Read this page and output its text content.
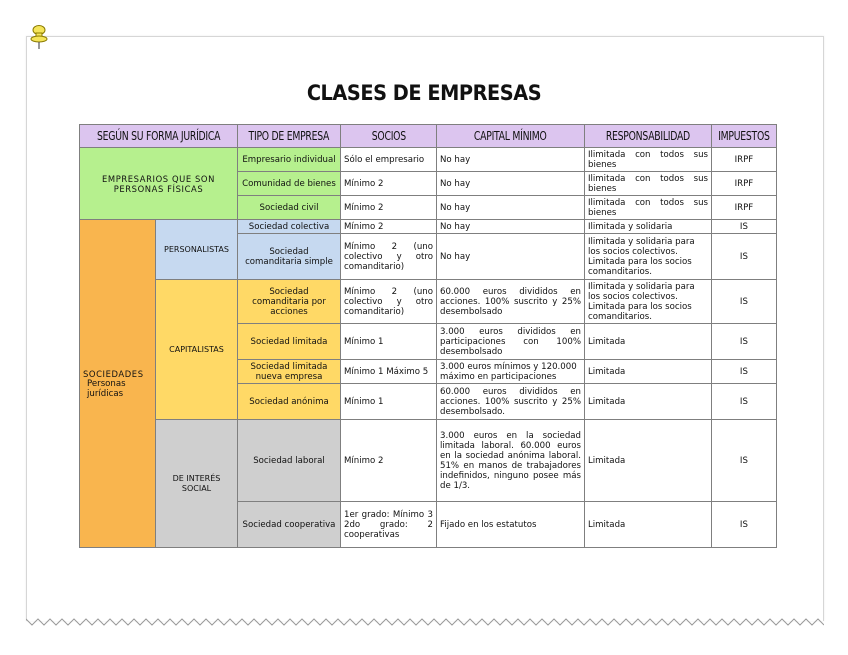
CLASES DE EMPRESAS
SEGÚN SU FORMA JURÍDICA		TIPO DE EMPRESA	SOCIOS	CAPITAL MÍNIMO	RESPONSABILIDAD	IMPUESTOS
EMPRESARIOS QUE SON PERSONAS FÍSICAS		Empresario individual	Sólo el empresario	No hay	Ilimitada con todos sus bienes	IRPF
		Comunidad de bienes	Mínimo 2	No hay	Ilimitada con todos sus bienes	IRPF
		Sociedad civil	Mínimo 2	No hay	Ilimitada con todos sus bienes	IRPF

SOCIEDADES
Personas jurídicas	PERSONALISTAS	Sociedad colectiva	Mínimo 2	No hay	Ilimitada y solidaria	IS
		Sociedad comanditaria simple	Mínimo 2 (uno colectivo y otro comanditario)	No hay	Ilimitada y solidaria para los socios colectivos. Limitada para los socios comanditarios.	IS
	CAPITALISTAS	Sociedad comanditaria por acciones	Mínimo 2 (uno colectivo y otro comanditario)	60.000 euros divididos en acciones. 100% suscrito y 25% desembolsado	Ilimitada y solidaria para los socios colectivos. Limitada para los socios comanditarios.	IS
		Sociedad limitada	Mínimo 1	3.000 euros divididos en participaciones con 100% desembolsado	Limitada	IS
		Sociedad limitada nueva empresa	Mínimo 1 Máximo 5	3.000 euros mínimos y 120.000 máximo en participaciones	Limitada	IS
		Sociedad anónima	Mínimo 1	60.000 euros divididos en acciones. 100% suscrito y 25% desembolsado.	Limitada	IS
	DE INTERÉS SOCIAL	Sociedad laboral	Mínimo 2	3.000 euros en la sociedad limitada laboral. 60.000 euros en la sociedad anónima laboral. 51% en manos de trabajadores indefinidos, ninguno posee más de 1/3.	Limitada	IS
		Sociedad cooperativa	1er grado: Mínimo 3 2do grado: 2 cooperativas	Fijado en los estatutos	Limitada	IS
